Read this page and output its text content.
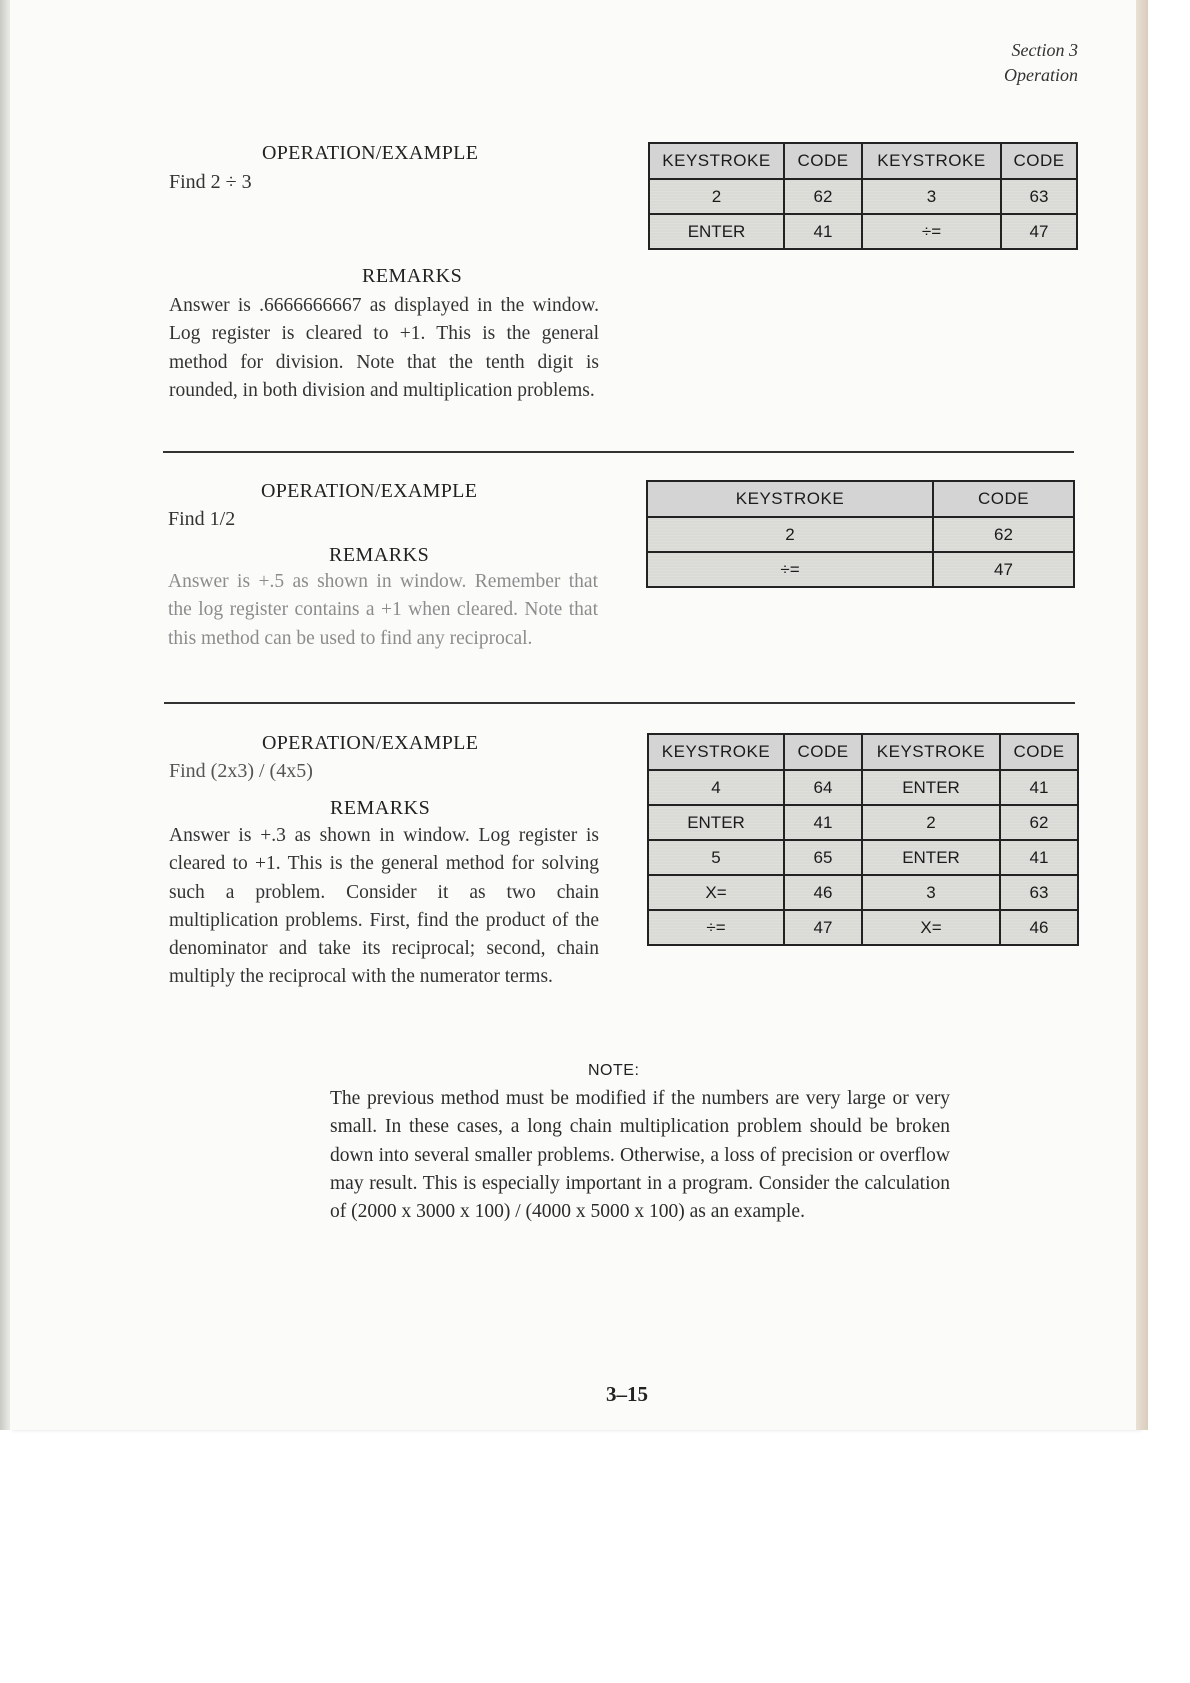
Section 3
Operation
OPERATION/EXAMPLE
Find 2 ÷ 3
REMARKS
Answer is .6666666667 as displayed in the window. Log register is cleared to +1. This is the general method for division. Note that the tenth digit is rounded, in both division and multiplication problems.
KEYSTROKE	CODE	KEYSTROKE	CODE
2	62	3	63
ENTER	41	÷=	47
OPERATION/EXAMPLE
Find 1/2
REMARKS
Answer is +.5 as shown in window. Remember that the log register contains a +1 when cleared. Note that this method can be used to find any reciprocal.
KEYSTROKE	CODE
2	62
÷=	47
OPERATION/EXAMPLE
Find (2x3) / (4x5)
REMARKS
Answer is +.3 as shown in window. Log register is cleared to +1. This is the general method for solving such a problem. Consider it as two chain multiplication problems. First, find the product of the denominator and take its reciprocal; second, chain multiply the reciprocal with the numerator terms.
KEYSTROKE	CODE	KEYSTROKE	CODE
4	64	ENTER	41
ENTER	41	2	62
5	65	ENTER	41
X=	46	3	63
÷=	47	X=	46
NOTE:
The previous method must be modified if the numbers are very large or very small. In these cases, a long chain multiplication problem should be broken down into several smaller problems. Otherwise, a loss of precision or overflow may result. This is especially important in a program. Consider the calculation of (2000 x 3000 x 100) / (4000 x 5000 x 100) as an example.
3–15
